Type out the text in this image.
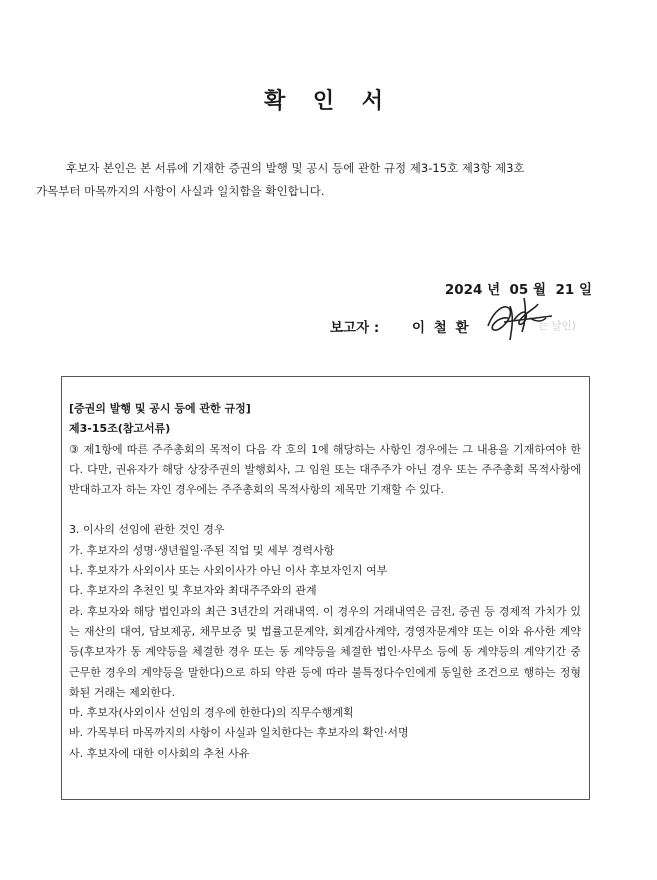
확 인 서
후보자 본인은 본 서류에 기재한 증권의 발행 및 공시 등에 관한 규정 제3-15호 제3항 제3호
가목부터 마목까지의 사항이 사실과 일치함을 확인합니다.
2024 년  05 월  21 일

보고자 :

이 철 환

	는 날인)

[증권의 발행 및 공시 등에 관한 규정]

제3-15조(참고서류)

③ 제1항에 따른 주주총회의 목적이 다음 각 호의 1에 해당하는 사항인 경우에는 그 내용을 기재하여야 한다. 다만, 권유자가 해당 상장주권의 발행회사, 그 임원 또는 대주주가 아닌 경우 또는 주주총회 목적사항에 반대하고자 하는 자인 경우에는 주주총회의 목적사항의 제목만 기재할 수 있다.

3. 이사의 선임에 관한 것인 경우

가. 후보자의 성명·생년월일·주된 직업 및 세부 경력사항

나. 후보자가 사외이사 또는 사외이사가 아닌 이사 후보자인지 여부

다. 후보자의 추천인 및 후보자와 최대주주와의 관계

라. 후보자와 해당 법인과의 최근 3년간의 거래내역. 이 경우의 거래내역은 금전, 증권 등 경제적 가치가 있는 재산의 대여, 담보제공, 채무보증 및 법률고문계약, 회계감사계약, 경영자문계약 또는 이와 유사한 계약등(후보자가 동 계약등을 체결한 경우 또는 동 계약등을 체결한 법인·사무소 등에 동 계약등의 계약기간 중 근무한 경우의 계약등을 말한다)으로 하되 약관 등에 따라 불특정다수인에게 동일한 조건으로 행하는 정형화된 거래는 제외한다.

마. 후보자(사외이사 선임의 경우에 한한다)의 직무수행계획

바. 가목부터 마목까지의 사항이 사실과 일치한다는 후보자의 확인·서명

사. 후보자에 대한 이사회의 추천 사유
